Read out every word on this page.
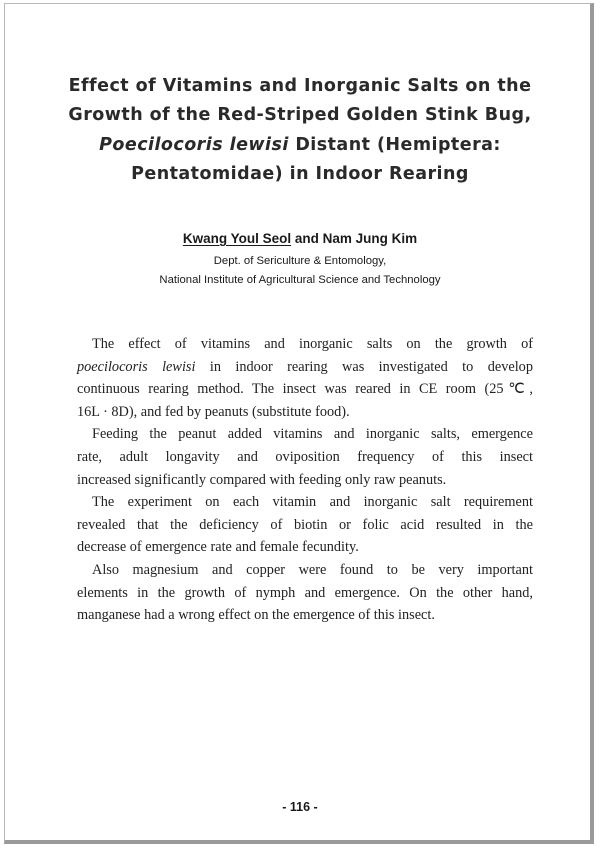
Effect of Vitamins and Inorganic Salts on the
Growth of the Red-Striped Golden Stink Bug,
Poecilocoris lewisi Distant (Hemiptera:
Pentatomidae) in Indoor Rearing
Kwang Youl Seol and Nam Jung Kim
Dept. of Sericulture & Entomology,
National Institute of Agricultural Science and Technology
The effect of vitamins and inorganic salts on the growth of
poecilocoris lewisi in indoor rearing was investigated to develop
continuous rearing method. The insect was reared in CE room (25℃,
16L · 8D), and fed by peanuts (substitute food).
Feeding the peanut added vitamins and inorganic salts, emergence
rate, adult longavity and oviposition frequency of this insect
increased significantly compared with feeding only raw peanuts.
The experiment on each vitamin and inorganic salt requirement
revealed that the deficiency of biotin or folic acid resulted in the
decrease of emergence rate and female fecundity.
Also magnesium and copper were found to be very important
elements in the growth of nymph and emergence. On the other hand,
manganese had a wrong effect on the emergence of this insect.
- 116 -
